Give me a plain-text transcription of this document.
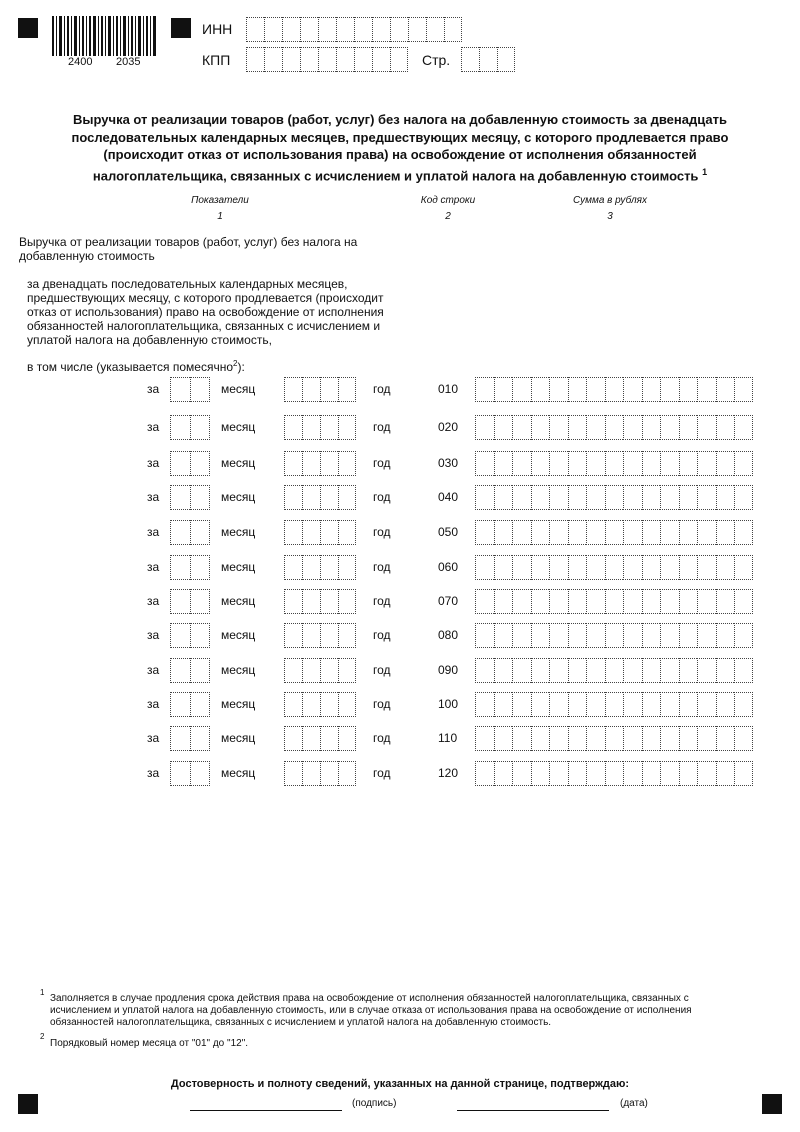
2400 2035
ИНН
КПП	Стр.
Выручка от реализации товаров (работ, услуг) без налога на добавленную стоимость за двенадцать последовательных календарных месяцев, предшествующих месяцу, с которого продлевается право (происходит отказ от использования права) на освобождение от исполнения обязанностей налогоплательщика, связанных с исчислением и уплатой налога на добавленную стоимость $^1$
Показатели
1
Код строки
2
Сумма в рублях
3
Выручка от реализации товаров (работ, услуг) без налога на добавленную стоимость
за двенадцать последовательных календарных месяцев, предшествующих месяцу, с которого продлевается (происходит отказ от использования) право на освобождение от исполнения обязанностей налогоплательщика, связанных с исчислением и уплатой налога на добавленную стоимость,
в том числе (указывается помесячно$^2$):
за	месяц	год	010
за	месяц	год	020
за	месяц	год	030
за	месяц	год	040
за	месяц	год	050
за	месяц	год	060
за	месяц	год	070
за	месяц	год	080
за	месяц	год	090
за	месяц	год	100
за	месяц	год	110
за	месяц	год	120
1
Заполняется в случае продления срока действия права на освобождение от исполнения обязанностей налогоплательщика, связанных с исчислением и уплатой налога на добавленную стоимость, или в случае отказа от использования права на освобождение от исполнения обязанностей налогоплательщика, связанных с исчислением и уплатой налога на добавленную стоимость.
2
Порядковый номер месяца от "01" до "12".
Достоверность и полноту сведений, указанных на данной странице, подтверждаю:
(подпись)	(дата)
